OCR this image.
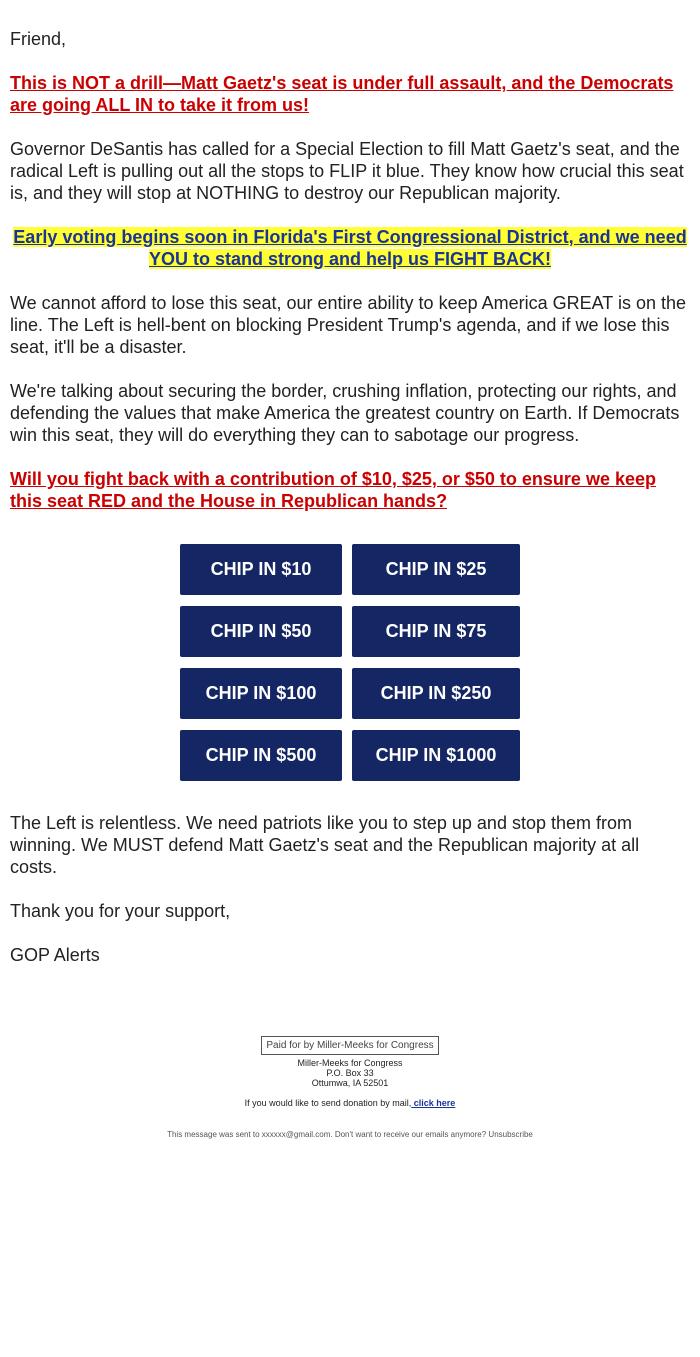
Friend,

This is NOT a drill—Matt Gaetz's seat is under full assault, and the Democrats are going ALL IN to take it from us!

Governor DeSantis has called for a Special Election to fill Matt Gaetz's seat, and the radical Left is pulling out all the stops to FLIP it blue. They know how crucial this seat is, and they will stop at NOTHING to destroy our Republican majority.

Early voting begins soon in Florida's First Congressional District, and we need YOU to stand strong and help us FIGHT BACK!

We cannot afford to lose this seat, our entire ability to keep America GREAT is on the line. The Left is hell-bent on blocking President Trump's agenda, and if we lose this seat, it'll be a disaster.

We're talking about securing the border, crushing inflation, protecting our rights, and defending the values that make America the greatest country on Earth. If Democrats win this seat, they will do everything they can to sabotage our progress.

Will you fight back with a contribution of $10, $25, or $50 to ensure we keep this seat RED and the House in Republican hands?

CHIP IN $10	CHIP IN $25
CHIP IN $50	CHIP IN $75
CHIP IN $100	CHIP IN $250
CHIP IN $500	CHIP IN $1000

The Left is relentless. We need patriots like you to step up and stop them from winning. We MUST defend Matt Gaetz's seat and the Republican majority at all costs.

Thank you for your support,

GOP Alerts

Paid for by Miller-Meeks for Congress
Miller-Meeks for Congress
P.O. Box 33
Ottumwa, IA 52501
If you would like to send donation by mail, click here
This message was sent to xxxxxx@gmail.com. Don't want to receive our emails anymore? Unsubscribe
